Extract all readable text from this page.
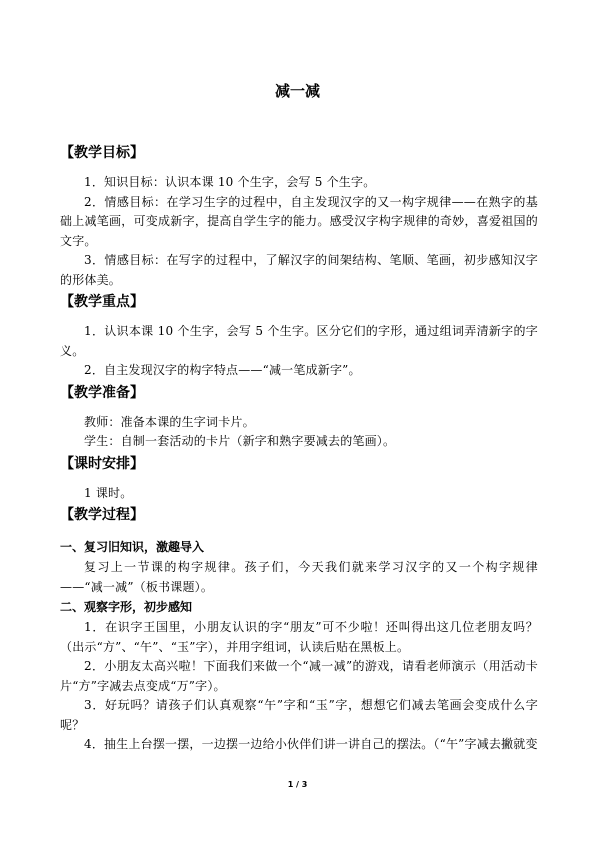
减一减

【教学目标】

1．知识目标：认识本课 10 个生字，会写 5 个生字。

2．情感目标：在学习生字的过程中，自主发现汉字的又一构字规律——在熟字的基础上减笔画，可变成新字，提高自学生字的能力。感受汉字构字规律的奇妙，喜爱祖国的文字。

3．情感目标：在写字的过程中，了解汉字的间架结构、笔顺、笔画，初步感知汉字的形体美。

【教学重点】

1．认识本课 10 个生字，会写 5 个生字。区分它们的字形，通过组词弄清新字的字义。

2．自主发现汉字的构字特点——“减一笔成新字”。

【教学准备】

教师：准备本课的生字词卡片。

学生：自制一套活动的卡片（新字和熟字要减去的笔画）。

【课时安排】

1 课时。

【教学过程】

一、复习旧知识，激趣导入

复习上一节课的构字规律。孩子们，今天我们就来学习汉字的又一个构字规律——“减一减”（板书课题）。

二、观察字形，初步感知

1．在识字王国里，小朋友认识的字“朋友”可不少啦！还叫得出这几位老朋友吗？（出示“方”、“午”、“玉”字），并用字组词，认读后贴在黑板上。

2．小朋友太高兴啦！下面我们来做一个“减一减”的游戏，请看老师演示（用活动卡片“方”字减去点变成“万”字）。

3．好玩吗？请孩子们认真观察“午”字和“玉”字，想想它们减去笔画会变成什么字呢？

4．抽生上台摆一摆，一边摆一边给小伙伴们讲一讲自己的摆法。（“午”字减去撇就变

1 / 3
